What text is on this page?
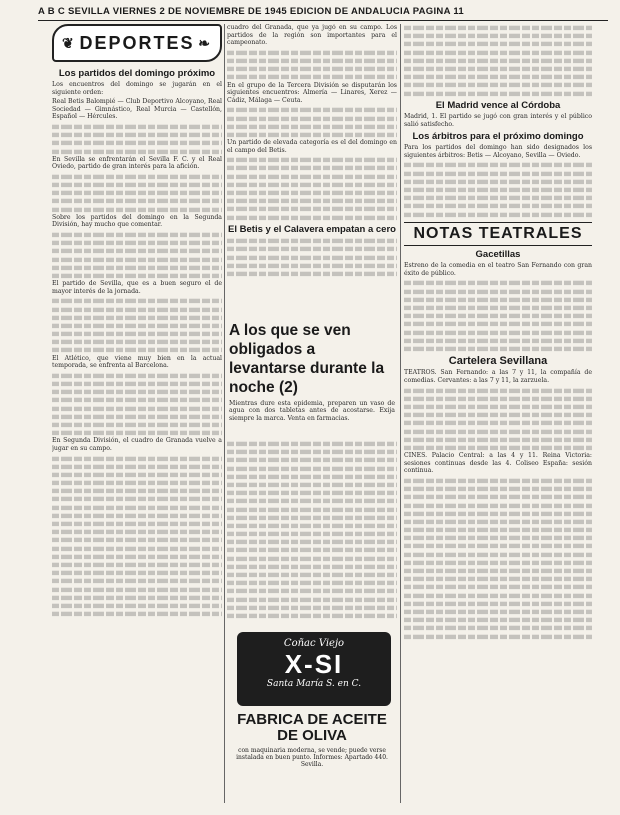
A B C SEVILLA VIERNES 2 DE NOVIEMBRE DE 1945 EDICION DE ANDALUCIA PAGINA 11
❦ DEPORTES ❧
Los partidos del domingo próximo

Los encuentros del domingo se jugarán en el siguiente orden:

Real Betis Balompié — Club Deportivo Alcoyano, Real Sociedad — Gimnástico, Real Murcia — Castellón, Español — Hércules.

En Sevilla se enfrentarán el Sevilla F. C. y el Real Oviedo, partido de gran interés para la afición.

Sobre los partidos del domingo en la Segunda División, hay mucho que comentar.

El partido de Sevilla, que es a buen seguro el de mayor interés de la jornada.

El Atlético, que viene muy bien en la actual temporada, se enfrenta al Barcelona.

En Segunda División, el cuadro de Granada vuelve a jugar en su campo.

cuadro del Granada, que ya jugó en su campo. Los partidos de la región son importantes para el campeonato.

En el grupo de la Tercera División se disputarán los siguientes encuentros: Almería — Linares, Xerez — Cádiz, Málaga — Ceuta.

Un partido de elevada categoría es el del domingo en el campo del Betis.

El Betis y el Calavera empatan a cero
A los que se ven obligados a levantarse durante la noche (2)
Mientras dure esta epidemia, preparen un vaso de agua con dos tabletas antes de acostarse. Exija siempre la marca. Venta en farmacias.
Coñac Viejo
X-SI
Santa María S. en C.
FABRICA DE ACEITE DE OLIVA
con maquinaria moderna, se vende; puede verse instalada en buen punto. Informes: Apartado 440. Sevilla.
El Madrid vence al Córdoba

Madrid, 1. El partido se jugó con gran interés y el público salió satisfecho.

Los árbitros para el próximo domingo

Para los partidos del domingo han sido designados los siguientes árbitros: Betis — Alcoyano, Sevilla — Oviedo.

NOTAS TEATRALES
Gacetillas

Estreno de la comedia en el teatro San Fernando con gran éxito de público.

Cartelera Sevillana

TEATROS. San Fernando: a las 7 y 11, la compañía de comedias. Cervantes: a las 7 y 11, la zarzuela.

CINES. Palacio Central: a las 4 y 11. Reina Victoria: sesiones continuas desde las 4. Coliseo España: sesión continua.
